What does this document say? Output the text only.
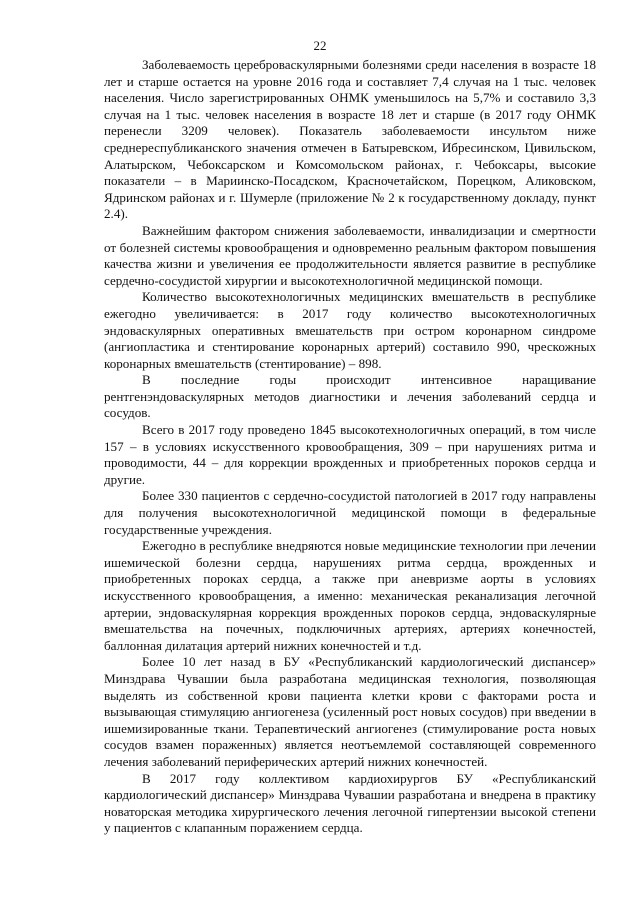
22

Заболеваемость цереброваскулярными болезнями среди населения в возрасте 18 лет и старше остается на уровне 2016 года и составляет 7,4 случая на 1 тыс. человек населения. Число зарегистрированных ОНМК уменьшилось на 5,7% и составило 3,3 случая на 1 тыс. человек населения в возрасте 18 лет и старше (в 2017 году ОНМК перенесли 3209 человек). Показатель заболеваемости инсультом ниже среднереспубликанского значения отмечен в Батыревском, Ибресинском, Цивильском, Алатырском, Чебоксарском и Комсомольском районах, г. Чебоксары, высокие показатели – в Мариинско-Посадском, Красночетайском, Порецком, Аликовском, Ядринском районах и г. Шумерле (приложение № 2 к государственному докладу, пункт 2.4).

Важнейшим фактором снижения заболеваемости, инвалидизации и смертности от болезней системы кровообращения и одновременно реальным фактором повышения качества жизни и увеличения ее продолжительности является развитие в республике сердечно-сосудистой хирургии и высокотехнологичной медицинской помощи.

Количество высокотехнологичных медицинских вмешательств в республике ежегодно увеличивается: в 2017 году количество высокотехнологичных эндоваскулярных оперативных вмешательств при остром коронарном синдроме (ангиопластика и стентирование коронарных артерий) составило 990, чрескожных коронарных вмешательств (стентирование) – 898.

В последние годы происходит интенсивное наращивание рентгенэндоваскулярных методов диагностики и лечения заболеваний сердца и сосудов.

Всего в 2017 году проведено 1845 высокотехнологичных операций, в том числе 157 – в условиях искусственного кровообращения, 309 – при нарушениях ритма и проводимости, 44 – для коррекции врожденных и приобретенных пороков сердца и другие.

Более 330 пациентов с сердечно-сосудистой патологией в 2017 году направлены для получения высокотехнологичной медицинской помощи в федеральные государственные учреждения.

Ежегодно в республике внедряются новые медицинские технологии при лечении ишемической болезни сердца, нарушениях ритма сердца, врожденных и приобретенных пороках сердца, а также при аневризме аорты в условиях искусственного кровообращения, а именно: механическая реканализация легочной артерии, эндоваскулярная коррекция врожденных пороков сердца, эндоваскулярные вмешательства на почечных, подключичных артериях, артериях конечностей, баллонная дилатация артерий нижних конечностей и т.д.

Более 10 лет назад в БУ «Республиканский кардиологический диспансер» Минздрава Чувашии была разработана медицинская технология, позволяющая выделять из собственной крови пациента клетки крови с факторами роста и вызывающая стимуляцию ангиогенеза (усиленный рост новых сосудов) при введении в ишемизированные ткани. Терапевтический ангиогенез (стимулирование роста новых сосудов взамен пораженных) является неотъемлемой составляющей современного лечения заболеваний периферических артерий нижних конечностей.

В 2017 году коллективом кардиохирургов БУ «Республиканский кардиологический диспансер» Минздрава Чувашии разработана и внедрена в практику новаторская методика хирургического лечения легочной гипертензии высокой степени у пациентов с клапанным поражением сердца.
